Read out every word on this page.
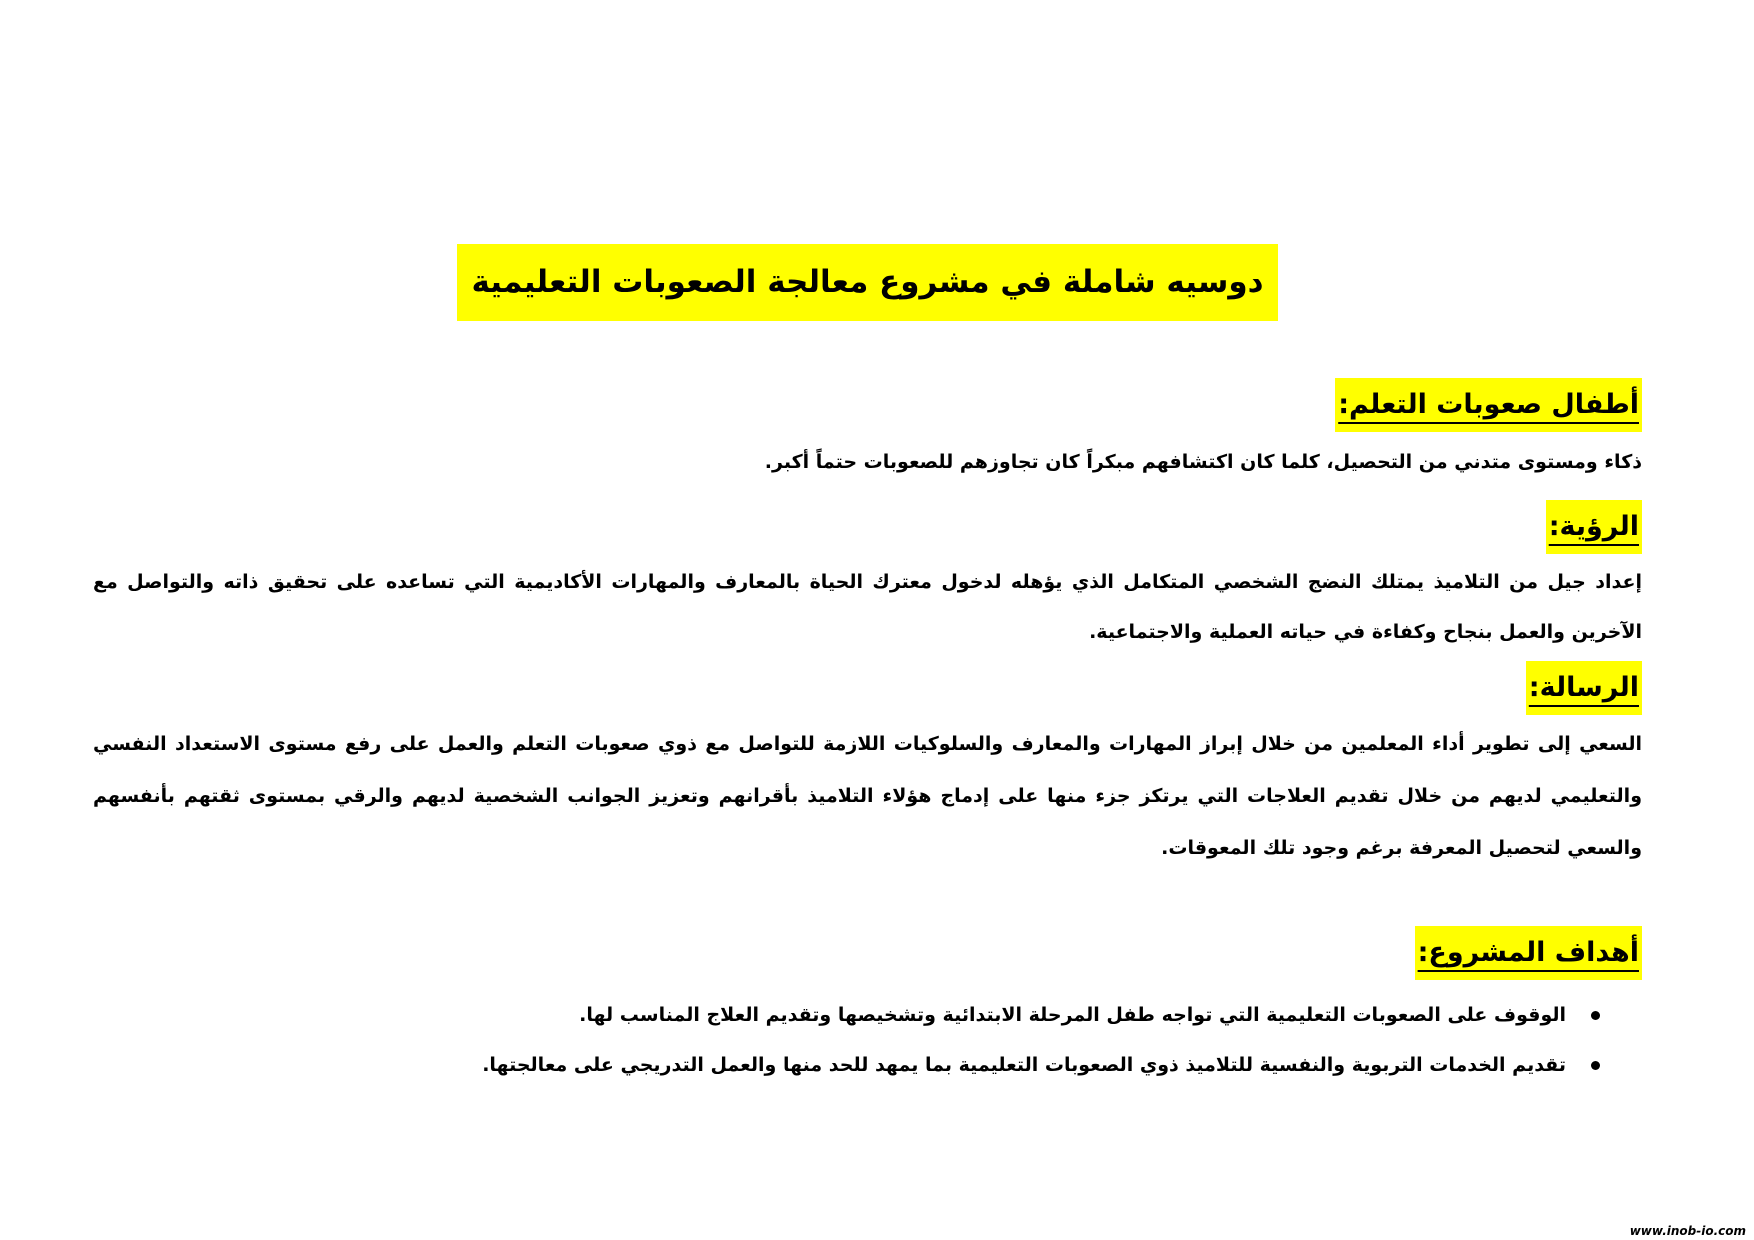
دوسيه شاملة في مشروع معالجة الصعوبات التعليمية
أطفال صعوبات التعلم:

ذكاء ومستوى متدني من التحصيل، كلما كان اكتشافهم مبكراً كان تجاوزهم للصعوبات حتماً أكبر.

الرؤية:

إعداد جيل من التلاميذ يمتلك النضج الشخصي المتكامل الذي يؤهله لدخول معترك الحياة بالمعارف والمهارات الأكاديمية التي تساعده على تحقيق ذاته والتواصل مع الآخرين والعمل بنجاح وكفاءة في حياته العملية والاجتماعية.

الرسالة:

السعي إلى تطوير أداء المعلمين من خلال إبراز المهارات والمعارف والسلوكيات اللازمة للتواصل مع ذوي صعوبات التعلم والعمل على رفع مستوى الاستعداد النفسي والتعليمي لديهم من خلال تقديم العلاجات التي يرتكز جزء منها على إدماج هؤلاء التلاميذ بأقرانهم وتعزيز الجوانب الشخصية لديهم والرقي بمستوى ثقتهم بأنفسهم والسعي لتحصيل المعرفة برغم وجود تلك المعوقات.

أهداف المشروع:
الوقوف على الصعوبات التعليمية التي تواجه طفل المرحلة الابتدائية وتشخيصها وتقديم العلاج المناسب لها.
تقديم الخدمات التربوية والنفسية للتلاميذ ذوي الصعوبات التعليمية بما يمهد للحد منها والعمل التدريجي على معالجتها.
www.inob-io.com
